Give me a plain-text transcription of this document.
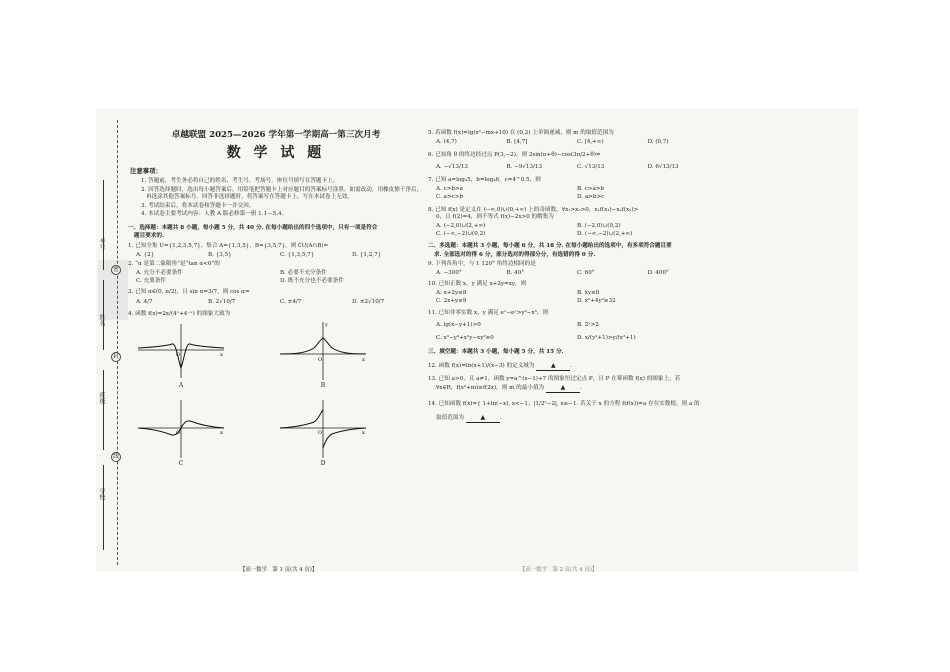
考号
姓名
班级
学校
密
封
线
卓越联盟 2025—2026 学年第一学期高一第三次月考
数 学 试 题
注意事项：
1. 答题前，考生务必将自己的姓名、考生号、考场号、座位号填写在答题卡上。
2. 回答选择题时，选出每小题答案后，用铅笔把答题卡上对应题目的答案标号涂黑。如需改动，用橡皮擦干净后，再选涂其他答案标号。回答非选择题时，将答案写在答题卡上。写在本试卷上无效。
3. 考试结束后，将本试卷和答题卡一并交回。
4. 本试卷主要考试内容：人教 A 版必修第一册 1.1—5.4。
一、选择题：本题共 8 小题，每小题 5 分，共 40 分. 在每小题给出的四个选项中，只有一项是符合
题目要求的.
1. 已知全集 U={1,2,3,5,7}，集合 A={1,3,5}，B={3,5,7}，则 ∁U(A∩B)=
A. {2}	B. {3,5}	C. {1,3,5,7}	D. {1,2,7}
2. “α 是第二象限角”是“tan α<0”的
A. 充分不必要条件	B. 必要不充分条件
C. 充要条件	D. 既不充分也不必要条件
3. 已知 α∈(0, π/2)，且 sin α=3/7，则 cos α=
A. 4/7	B. 2√10/7	C. ±4/7	D. ±2√10/7
4. 函数 f(x)=2x/(4ˣ+4⁻ˣ) 的图象大致为
O	x
A
O	x
y
B
O	x
C
O	x
D
5. 若函数 f(x)=lg(x²−mx+10) 在 (0,2) 上单调递减，则 m 的取值范围为
A. (4,7)	B. [4,7]	C. [4,+∞)	D. (0,7)
6. 已知角 θ 的终边经过点 P(3,−2)，则 2sin(π+θ)−cos(3π/2+θ)=
A. −√13/13	B. −9√13/13	C. √13/13	D. 6√13/13
7. 已知 a=log₃5，b=log₄6，c=4^0.5，则
A. c>b>a	B. c>a>b
C. a>c>b	D. a>b>c
8. 已知 f(x) 是定义在 (−∞,0)∪(0,+∞) 上的奇函数，∀x₁>x₂>0，x₁f(x₁)−x₂f(x₂)>
0，且 f(2)=4，则不等式 f(x)−2x>0 的解集为
A. (−2,0)∪(2,+∞)	B. (−2,0)∪(0,2)
C. (−∞,−2)∪(0,2)	D. (−∞,−2)∪(2,+∞)
二、多选题：本题共 3 小题，每小题 6 分，共 18 分. 在每小题给出的选项中，有多项符合题目要
求. 全部选对的得 6 分，部分选对的得部分分，有选错的得 0 分.
9. 下列各角中，与 1 120° 角终边相同的是
A. −300°	B. 40°	C. 60°	D. 400°
10. 已知正数 x，y 满足 x+2y=xy，则
A. x+2y≥8	B. xy≤8
C. 2x+y≥9	D. x²+4y²≥32
11. 已知非零实数 x，y 满足 eˣ−eʸ>y³−x³，则
A. lg(x−y+1)>0	B. 2ʸ>2
C. x³−y³+x²y−xy²≥0	D. x/(y²+1)>y/(x²+1)
三、填空题：本题共 3 小题，每小题 5 分，共 15 分.
12. 函数 f(x)=ln(x+1)/(x−3) 的定义域为	▲	.
13. 已知 a>0，且 a≠1，函数 y=a^(x−1)+7 的图象恒过定点 P，且 P 在幂函数 f(x) 的图象上，若
∀x∈R，f(x²+m)≥f(2x)，则 m 的最小值为	▲	.
14. 已知函数 f(x)={ 1+ln(−x), x<−1；|1/2ˣ−2|, x≥−1. 若关于 x 的方程 f(f(x))=a 存在实数根，则 a 的
取值范围为	▲	.
【高一数学　第 1 页(共 4 页)】	【高一数学　第 2 页(共 4 页)】
